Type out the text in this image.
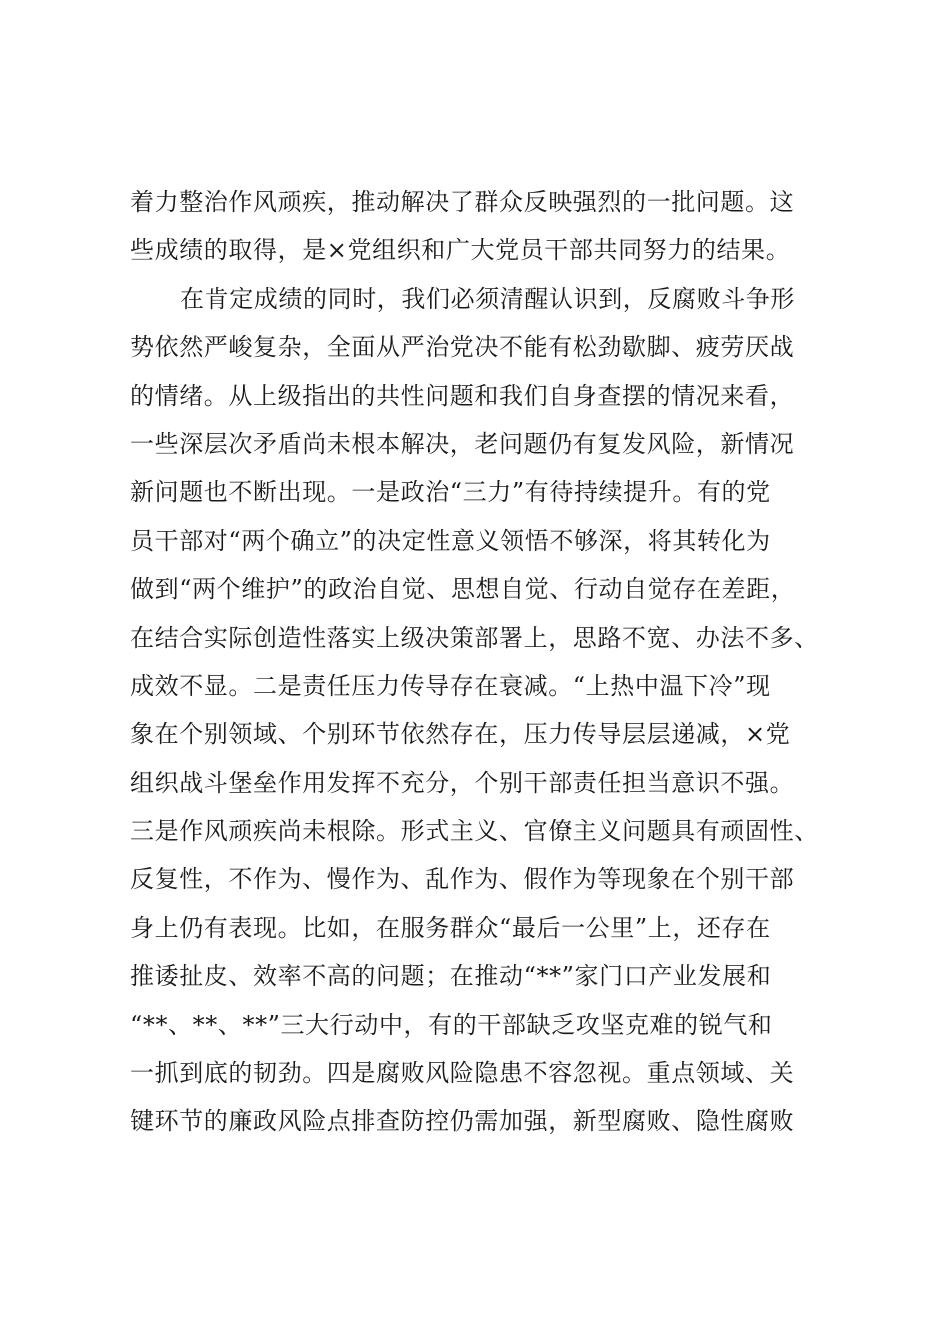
着力整治作风顽疾，推动解决了群众反映强烈的一批问题。这
些成绩的取得，是×党组织和广大党员干部共同努力的结果。
在肯定成绩的同时，我们必须清醒认识到，反腐败斗争形
势依然严峻复杂，全面从严治党决不能有松劲歇脚、疲劳厌战
的情绪。从上级指出的共性问题和我们自身查摆的情况来看，
一些深层次矛盾尚未根本解决，老问题仍有复发风险，新情况
新问题也不断出现。一是政治“三力”有待持续提升。有的党
员干部对“两个确立”的决定性意义领悟不够深，将其转化为
做到“两个维护”的政治自觉、思想自觉、行动自觉存在差距，
在结合实际创造性落实上级决策部署上，思路不宽、办法不多、
成效不显。二是责任压力传导存在衰减。“上热中温下冷”现
象在个别领域、个别环节依然存在，压力传导层层递减，×党
组织战斗堡垒作用发挥不充分，个别干部责任担当意识不强。
三是作风顽疾尚未根除。形式主义、官僚主义问题具有顽固性、
反复性，不作为、慢作为、乱作为、假作为等现象在个别干部
身上仍有表现。比如，在服务群众“最后一公里”上，还存在
推诿扯皮、效率不高的问题；在推动“**”家门口产业发展和
“**、**、**”三大行动中，有的干部缺乏攻坚克难的锐气和
一抓到底的韧劲。四是腐败风险隐患不容忽视。重点领域、关
键环节的廉政风险点排查防控仍需加强，新型腐败、隐性腐败
